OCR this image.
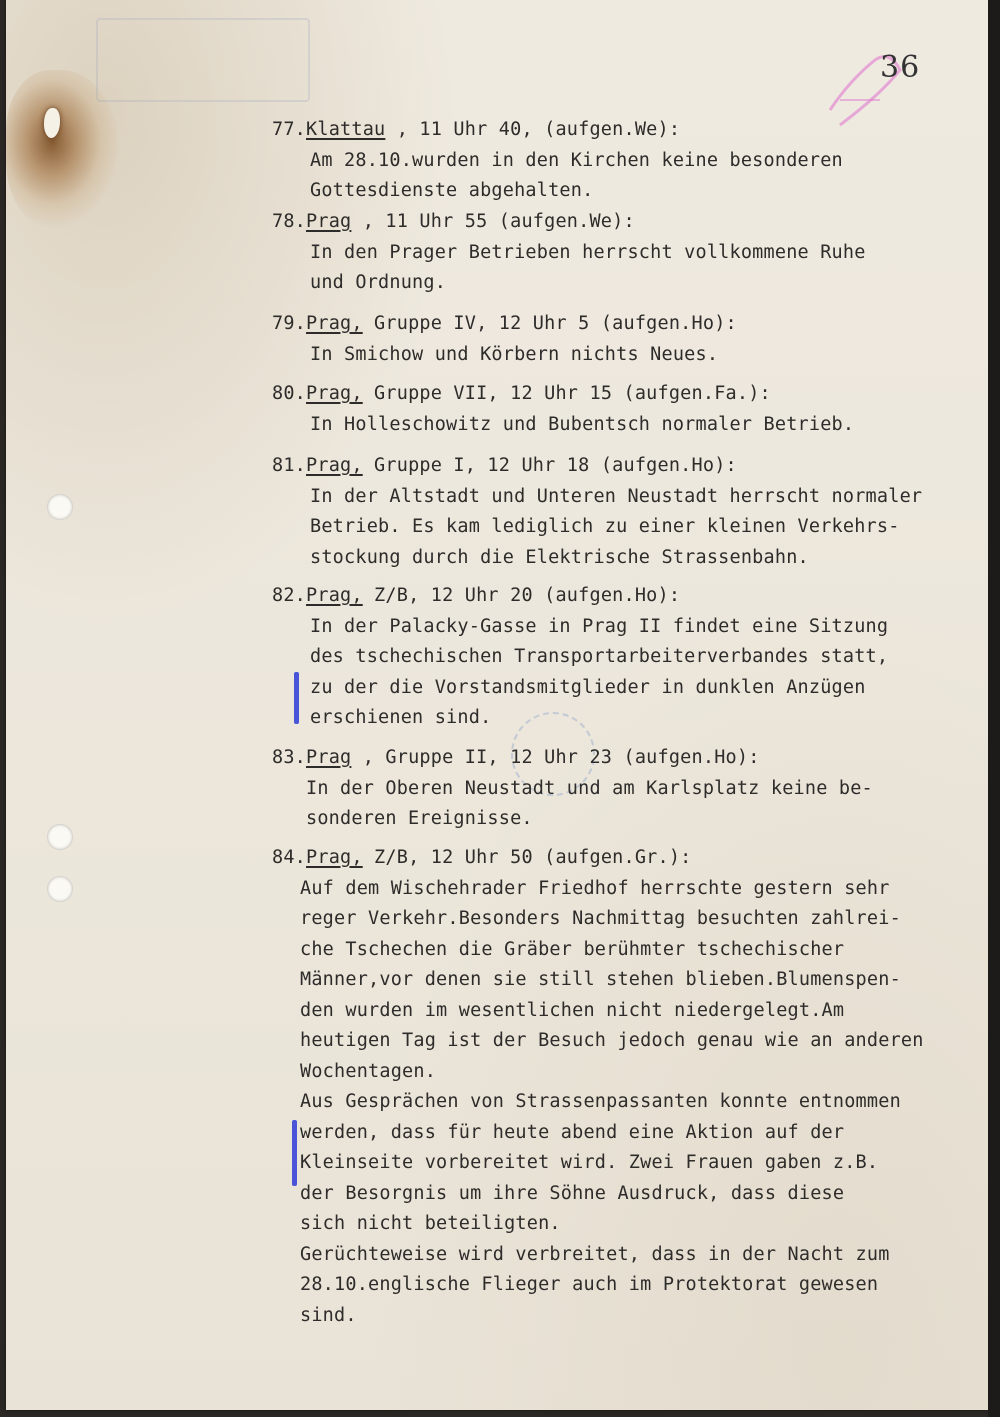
36
77.Klattau , 11 Uhr 40, (aufgen.We):
Am 28.10.wurden in den Kirchen keine besonderen
Gottesdienste abgehalten.
78.Prag , 11 Uhr 55 (aufgen.We):
In den Prager Betrieben herrscht vollkommene Ruhe
und Ordnung.
79.Prag, Gruppe IV, 12 Uhr 5 (aufgen.Ho):
In Smichow und Körbern nichts Neues.
80.Prag, Gruppe VII, 12 Uhr 15 (aufgen.Fa.):
In Holleschowitz und Bubentsch normaler Betrieb.
81.Prag, Gruppe I, 12 Uhr 18 (aufgen.Ho):
In der Altstadt und Unteren Neustadt herrscht normaler
Betrieb. Es kam lediglich zu einer kleinen Verkehrs-
stockung durch die Elektrische Strassenbahn.
82.Prag, Z/B, 12 Uhr 20 (aufgen.Ho):
In der Palacky-Gasse in Prag II findet eine Sitzung
des tschechischen Transportarbeiterverbandes statt,
zu der die Vorstandsmitglieder in dunklen Anzügen
erschienen sind.
83.Prag , Gruppe II, 12 Uhr 23 (aufgen.Ho):
In der Oberen Neustadt und am Karlsplatz keine be-
sonderen Ereignisse.
84.Prag, Z/B, 12 Uhr 50 (aufgen.Gr.):
Auf dem Wischehrader Friedhof herrschte gestern sehr
reger Verkehr.Besonders Nachmittag besuchten zahlrei-
che Tschechen die Gräber berühmter tschechischer
Männer,vor denen sie still stehen blieben.Blumenspen-
den wurden im wesentlichen nicht niedergelegt.Am
heutigen Tag ist der Besuch jedoch genau wie an anderen
Wochentagen.
Aus Gesprächen von Strassenpassanten konnte entnommen
werden, dass für heute abend eine Aktion auf der
Kleinseite vorbereitet wird. Zwei Frauen gaben z.B.
der Besorgnis um ihre Söhne Ausdruck, dass diese
sich nicht beteiligten.
Gerüchteweise wird verbreitet, dass in der Nacht zum
28.10.englische Flieger auch im Protektorat gewesen
sind.
